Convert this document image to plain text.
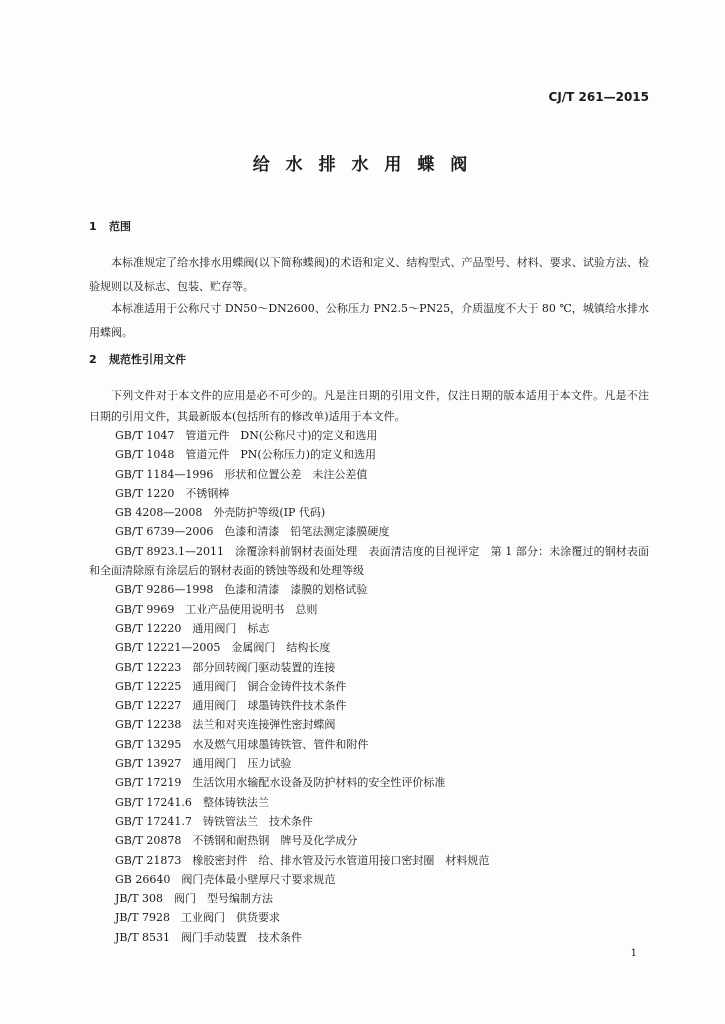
CJ/T 261—2015
给 水 排 水 用 蝶 阀
1 范围
本标准规定了给水排水用蝶阀(以下简称蝶阀)的术语和定义、结构型式、产品型号、材料、要求、试验方法、检验规则以及标志、包装、贮存等。
本标准适用于公称尺寸 DN50～DN2600、公称压力 PN2.5～PN25，介质温度不大于 80 ℃，城镇给水排水用蝶阀。
2 规范性引用文件
下列文件对于本文件的应用是必不可少的。凡是注日期的引用文件，仅注日期的版本适用于本文件。凡是不注日期的引用文件，其最新版本(包括所有的修改单)适用于本文件。
GB/T 1047　管道元件　DN(公称尺寸)的定义和选用
GB/T 1048　管道元件　PN(公称压力)的定义和选用
GB/T 1184—1996　形状和位置公差　未注公差值
GB/T 1220　不锈钢棒
GB 4208—2008　外壳防护等级(IP 代码)
GB/T 6739—2006　色漆和清漆　铅笔法测定漆膜硬度
GB/T 8923.1—2011　涂覆涂料前钢材表面处理　表面清洁度的目视评定　第 1 部分：未涂覆过的钢材表面和全面清除原有涂层后的钢材表面的锈蚀等级和处理等级
GB/T 9286—1998　色漆和清漆　漆膜的划格试验
GB/T 9969　工业产品使用说明书　总则
GB/T 12220　通用阀门　标志
GB/T 12221—2005　金属阀门　结构长度
GB/T 12223　部分回转阀门驱动装置的连接
GB/T 12225　通用阀门　铜合金铸件技术条件
GB/T 12227　通用阀门　球墨铸铁件技术条件
GB/T 12238　法兰和对夹连接弹性密封蝶阀
GB/T 13295　水及燃气用球墨铸铁管、管件和附件
GB/T 13927　通用阀门　压力试验
GB/T 17219　生活饮用水输配水设备及防护材料的安全性评价标准
GB/T 17241.6　整体铸铁法兰
GB/T 17241.7　铸铁管法兰　技术条件
GB/T 20878　不锈钢和耐热钢　牌号及化学成分
GB/T 21873　橡胶密封件　给、排水管及污水管道用接口密封圈　材料规范
GB 26640　阀门壳体最小壁厚尺寸要求规范
JB/T 308　阀门　型号编制方法
JB/T 7928　工业阀门　供货要求
JB/T 8531　阀门手动装置　技术条件
1
